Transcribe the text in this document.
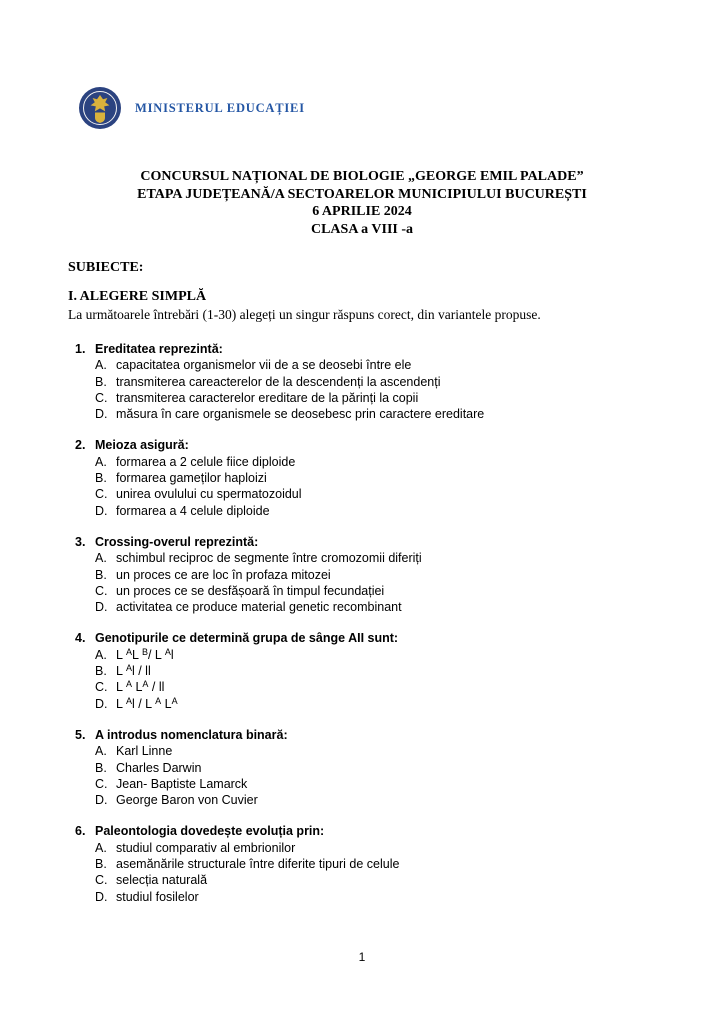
MINISTERUL EDUCAȚIEI
CONCURSUL NAȚIONAL DE BIOLOGIE „GEORGE EMIL PALADE”
ETAPA JUDEȚEANĂ/A SECTOARELOR MUNICIPIULUI BUCUREȘTI
6 APRILIE 2024
CLASA a VIII -a
SUBIECTE:
I. ALEGERE SIMPLĂ
La următoarele întrebări (1-30) alegeți un singur răspuns corect, din variantele propuse.
1. Ereditatea reprezintă:
A. capacitatea organismelor vii de a se deosebi între ele
B. transmiterea careacterelor de la descendenți la ascendenți
C. transmiterea caracterelor ereditare de la părinți la copii
D. măsura în care organismele se deosebesc prin caractere ereditare
2. Meioza asigură:
A. formarea a 2 celule fiice diploide
B. formarea gameților haploizi
C. unirea ovulului cu spermatozoidul
D. formarea a 4 celule diploide
3. Crossing-overul reprezintă:
A. schimbul reciproc de segmente între cromozomii diferiți
B. un proces ce are loc în profaza mitozei
C. un proces ce se desfășoară în timpul fecundației
D. activitatea ce produce material genetic recombinant
4. Genotipurile ce determină grupa de sânge AII sunt:
A. L $^A$L $^B$/ L $^A$l
B. L $^A$l / ll
C. L $^A$ $L^A$ / ll
D. L $^A$l / L $^A$ $L^A$
5. A introdus nomenclatura binară:
A. Karl Linne
B. Charles Darwin
C. Jean- Baptiste Lamarck
D. George Baron von Cuvier
6. Paleontologia dovedește evoluția prin:
A. studiul comparativ al embrionilor
B. asemănările structurale între diferite tipuri de celule
C. selecția naturală
D. studiul fosilelor
1
